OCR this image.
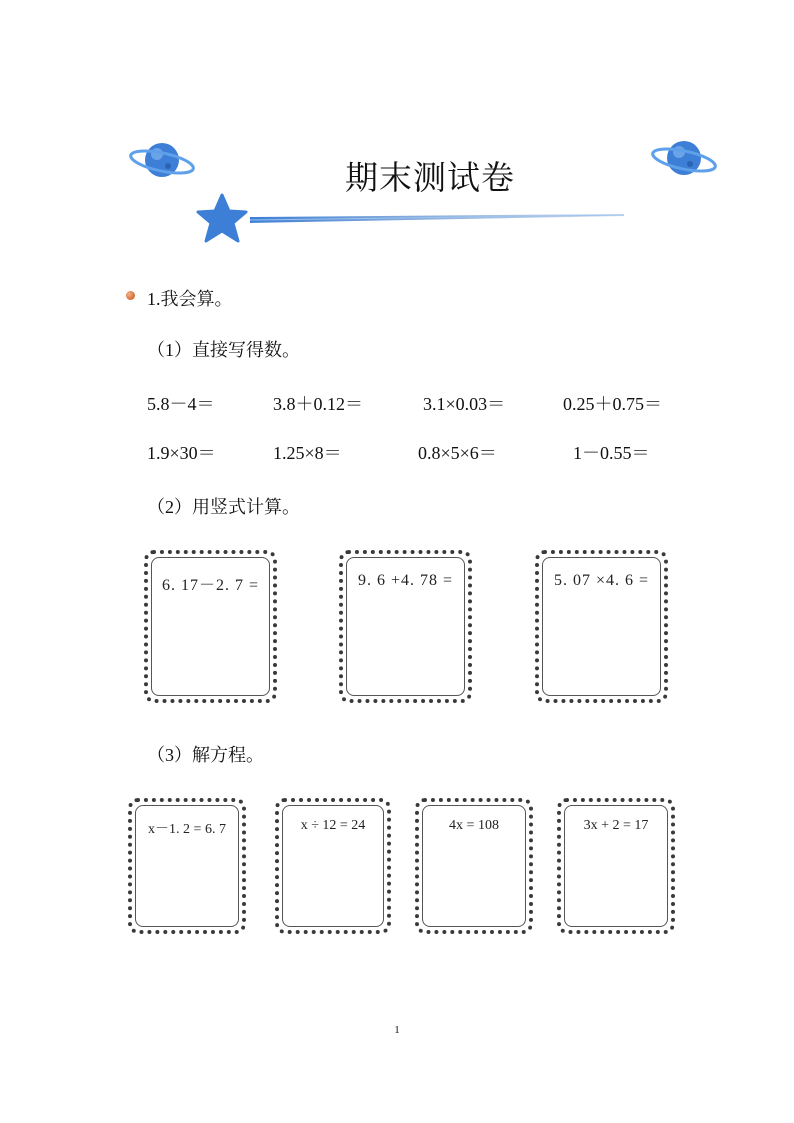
期末测试卷
1.我会算。
（1）直接写得数。
5.8－4＝	3.8＋0.12＝	3.1×0.03＝	0.25＋0.75＝
1.9×30＝	1.25×8＝	0.8×5×6＝	1－0.55＝
（2）用竖式计算。
6. 17－2. 7 =	9. 6 +4. 78 =	5. 07 ×4. 6 =
（3）解方程。
x－1. 2 = 6. 7	x ÷ 12 = 24	4x = 108	3x + 2 = 17
1
